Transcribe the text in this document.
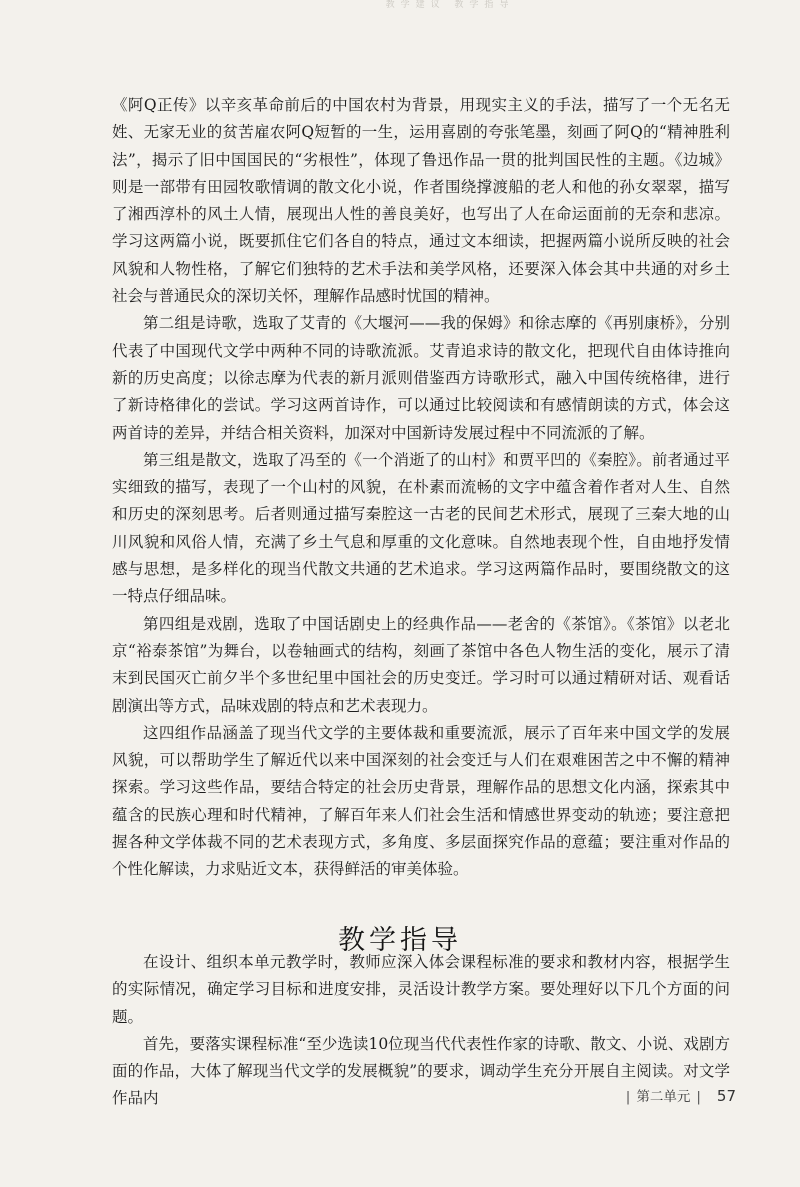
教学建议 教学指导

《阿Q正传》以辛亥革命前后的中国农村为背景，用现实主义的手法，描写了一个无名无姓、无家无业的贫苦雇农阿Q短暂的一生，运用喜剧的夸张笔墨，刻画了阿Q的“精神胜利法”，揭示了旧中国国民的“劣根性”，体现了鲁迅作品一贯的批判国民性的主题。《边城》则是一部带有田园牧歌情调的散文化小说，作者围绕撑渡船的老人和他的孙女翠翠，描写了湘西淳朴的风土人情，展现出人性的善良美好，也写出了人在命运面前的无奈和悲凉。学习这两篇小说，既要抓住它们各自的特点，通过文本细读，把握两篇小说所反映的社会风貌和人物性格，了解它们独特的艺术手法和美学风格，还要深入体会其中共通的对乡土社会与普通民众的深切关怀，理解作品感时忧国的精神。

第二组是诗歌，选取了艾青的《大堰河——我的保姆》和徐志摩的《再别康桥》，分别代表了中国现代文学中两种不同的诗歌流派。艾青追求诗的散文化，把现代自由体诗推向新的历史高度；以徐志摩为代表的新月派则借鉴西方诗歌形式，融入中国传统格律，进行了新诗格律化的尝试。学习这两首诗作，可以通过比较阅读和有感情朗读的方式，体会这两首诗的差异，并结合相关资料，加深对中国新诗发展过程中不同流派的了解。

第三组是散文，选取了冯至的《一个消逝了的山村》和贾平凹的《秦腔》。前者通过平实细致的描写，表现了一个山村的风貌，在朴素而流畅的文字中蕴含着作者对人生、自然和历史的深刻思考。后者则通过描写秦腔这一古老的民间艺术形式，展现了三秦大地的山川风貌和风俗人情，充满了乡土气息和厚重的文化意味。自然地表现个性，自由地抒发情感与思想，是多样化的现当代散文共通的艺术追求。学习这两篇作品时，要围绕散文的这一特点仔细品味。

第四组是戏剧，选取了中国话剧史上的经典作品——老舍的《茶馆》。《茶馆》以老北京“裕泰茶馆”为舞台，以卷轴画式的结构，刻画了茶馆中各色人物生活的变化，展示了清末到民国灭亡前夕半个多世纪里中国社会的历史变迁。学习时可以通过精研对话、观看话剧演出等方式，品味戏剧的特点和艺术表现力。

这四组作品涵盖了现当代文学的主要体裁和重要流派，展示了百年来中国文学的发展风貌，可以帮助学生了解近代以来中国深刻的社会变迁与人们在艰难困苦之中不懈的精神探索。学习这些作品，要结合特定的社会历史背景，理解作品的思想文化内涵，探索其中蕴含的民族心理和时代精神，了解百年来人们社会生活和情感世界变动的轨迹；要注意把握各种文学体裁不同的艺术表现方式，多角度、多层面探究作品的意蕴；要注重对作品的个性化解读，力求贴近文本，获得鲜活的审美体验。

教学指导

在设计、组织本单元教学时，教师应深入体会课程标准的要求和教材内容，根据学生的实际情况，确定学习目标和进度安排，灵活设计教学方案。要处理好以下几个方面的问题。

首先，要落实课程标准“至少选读10位现当代代表性作家的诗歌、散文、小说、戏剧方面的作品，大体了解现当代文学的发展概貌”的要求，调动学生充分开展自主阅读。对文学作品内	| 第二单元 | 57
